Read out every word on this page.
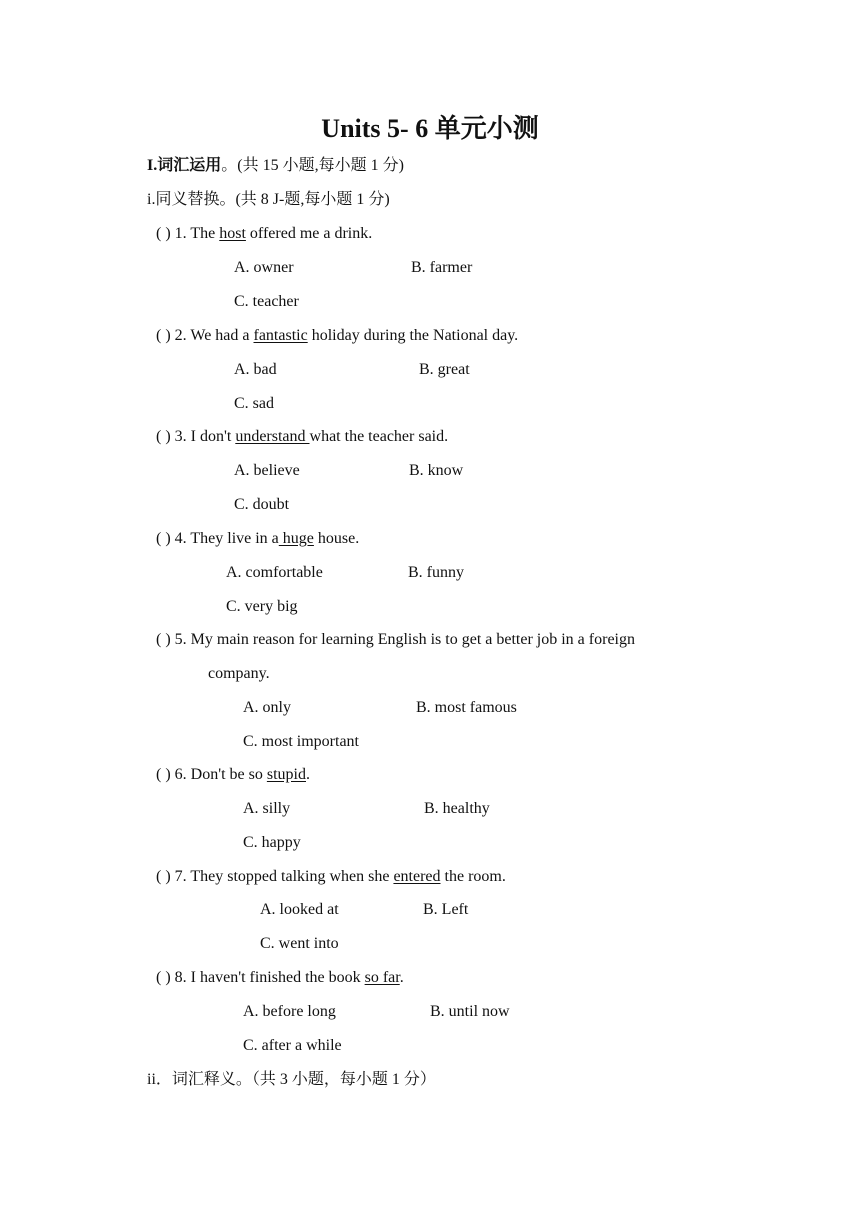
Units 5- 6 单元小测
I.词汇运用。(共 15 小题,每小题 1 分)
i.同义替换。(共 8 J-题,每小题 1 分)
( ) 1. The host offered me a drink.
A. owner	B. farmer
C. teacher
( ) 2. We had a fantastic holiday during the National day.
A. bad	B. great
C. sad
( ) 3. I don't understand what the teacher said.
A. believe	B. know
C. doubt
( ) 4. They live in a huge house.
A. comfortable	B. funny
C. very big
( ) 5. My main reason for learning English is to get a better job in a foreign
company.
A. only	B. most famous
C. most important
( ) 6. Don't be so stupid.
A. silly	B. healthy
C. happy
( ) 7. They stopped talking when she entered the room.
A. looked at	B. Left
C. went into
( ) 8. I haven't finished the book so far.
A. before long	B. until now
C. after a while
ii．词汇释义。（共 3 小题，每小题 1 分）
